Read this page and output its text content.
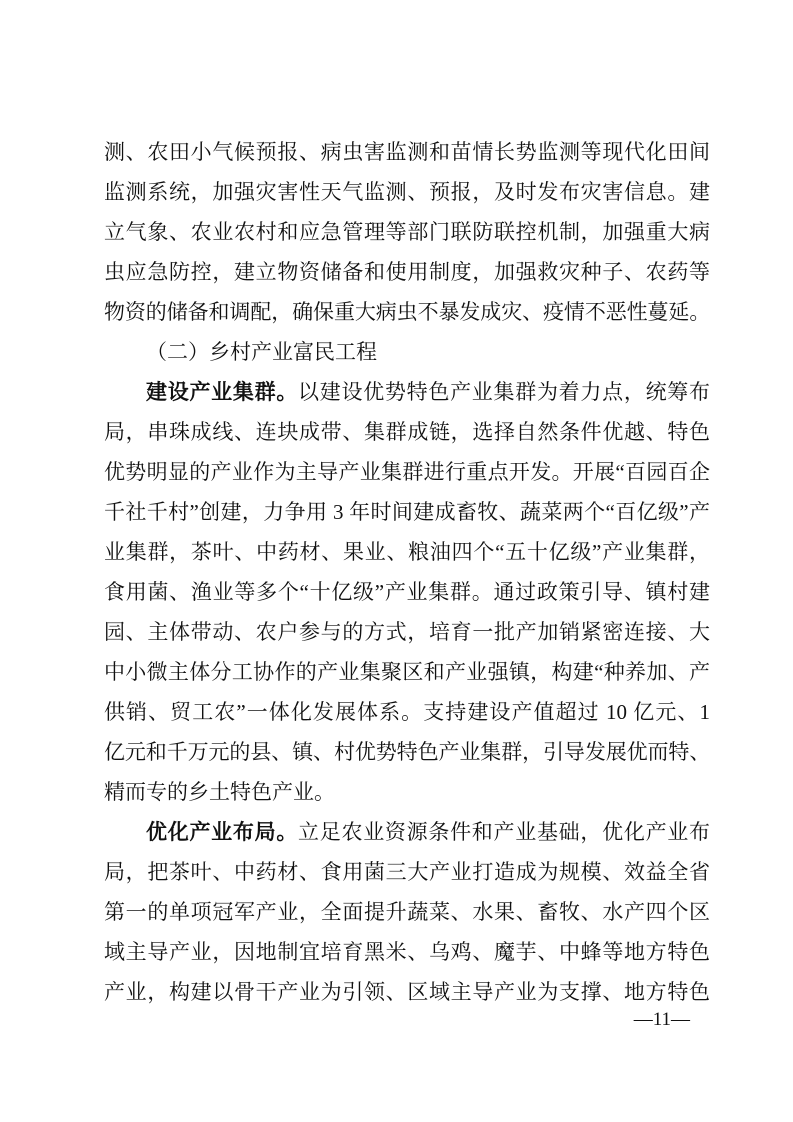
测、农田小气候预报、病虫害监测和苗情长势监测等现代化田间
监测系统，加强灾害性天气监测、预报，及时发布灾害信息。建
立气象、农业农村和应急管理等部门联防联控机制，加强重大病
虫应急防控，建立物资储备和使用制度，加强救灾种子、农药等
物资的储备和调配，确保重大病虫不暴发成灾、疫情不恶性蔓延。
（二）乡村产业富民工程
建设产业集群。以建设优势特色产业集群为着力点，统筹布
局，串珠成线、连块成带、集群成链，选择自然条件优越、特色
优势明显的产业作为主导产业集群进行重点开发。开展“百园百企
千社千村”创建，力争用 3 年时间建成畜牧、蔬菜两个“百亿级”产
业集群，茶叶、中药材、果业、粮油四个“五十亿级”产业集群，
食用菌、渔业等多个“十亿级”产业集群。通过政策引导、镇村建
园、主体带动、农户参与的方式，培育一批产加销紧密连接、大
中小微主体分工协作的产业集聚区和产业强镇，构建“种养加、产
供销、贸工农”一体化发展体系。支持建设产值超过 10 亿元、1
亿元和千万元的县、镇、村优势特色产业集群，引导发展优而特、
精而专的乡土特色产业。
优化产业布局。立足农业资源条件和产业基础，优化产业布
局，把茶叶、中药材、食用菌三大产业打造成为规模、效益全省
第一的单项冠军产业，全面提升蔬菜、水果、畜牧、水产四个区
域主导产业，因地制宜培育黑米、乌鸡、魔芋、中蜂等地方特色
产业，构建以骨干产业为引领、区域主导产业为支撑、地方特色
—11—
